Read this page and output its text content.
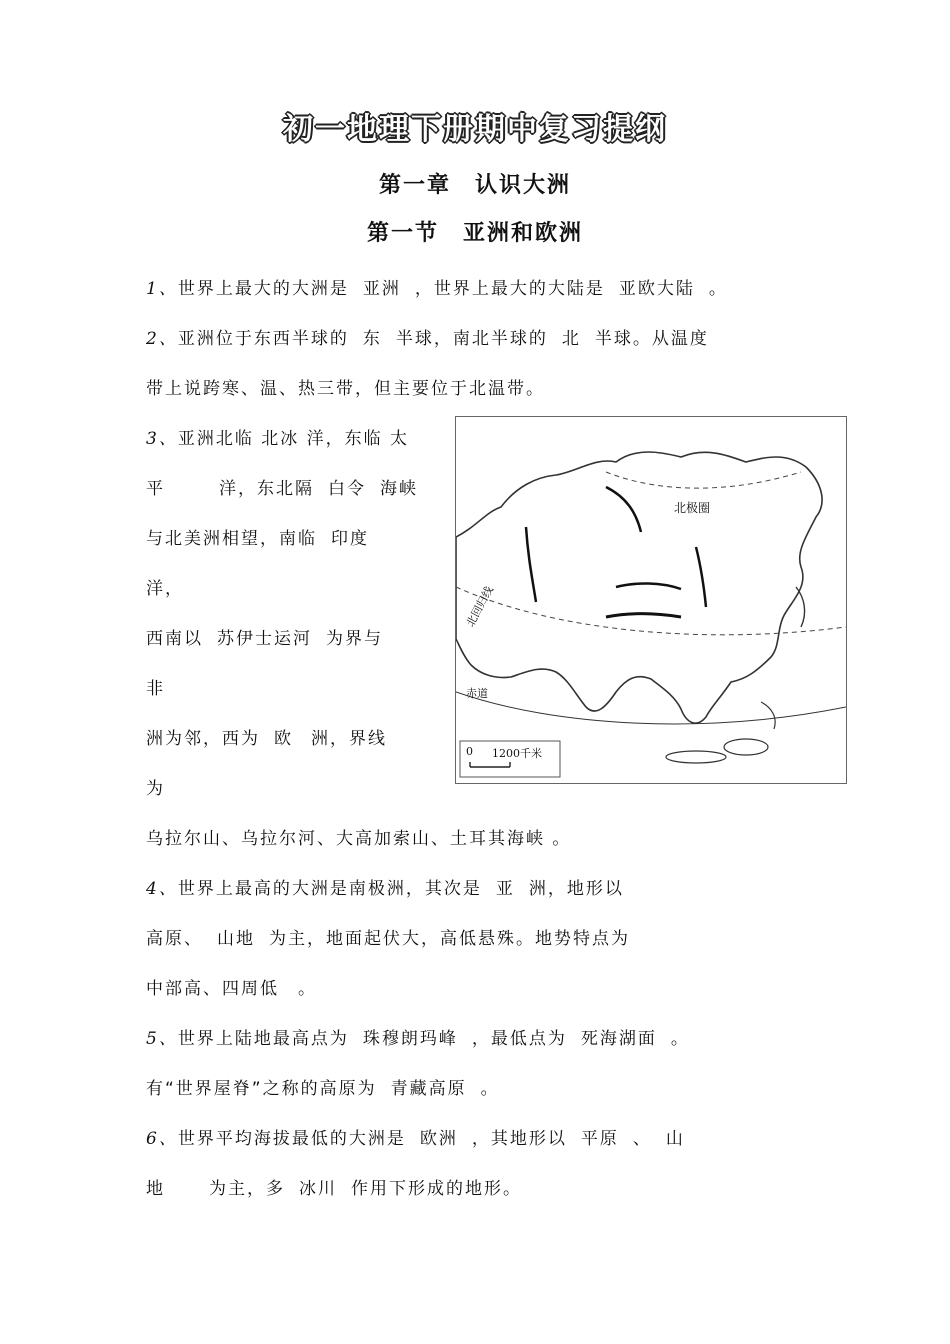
初一地理下册期中复习提纲
第一章　认识大洲
第一节　亚洲和欧洲
1、世界上最大的大洲是 亚洲 ，世界上最大的大陆是 亚欧大陆 。
2、亚洲位于东西半球的 东 半球，南北半球的 北 半球。从温度
带上说跨寒、温、热三带，但主要位于北温带。
3、亚洲北临 北冰 洋，东临 太
平	洋，东北隔 白令 海峡
与北美洲相望，南临 印度
洋，
西南以 苏伊士运河 为界与
非
洲为邻，西为 欧 洲，界线
为
乌拉尔山、乌拉尔河、大高加索山、土耳其海峡 。
北极圈
北回归线
赤道
0 1200千米
4、世界上最高的大洲是南极洲，其次是 亚 洲，地形以
高原、 山地 为主，地面起伏大，高低悬殊。地势特点为
中部高、四周低　。
5、世界上陆地最高点为 珠穆朗玛峰 ，最低点为 死海湖面 。
有“世界屋脊”之称的高原为 青藏高原 。
6、世界平均海拔最低的大洲是 欧洲 ，其地形以 平原 、 山
地	为主，多 冰川 作用下形成的地形。
